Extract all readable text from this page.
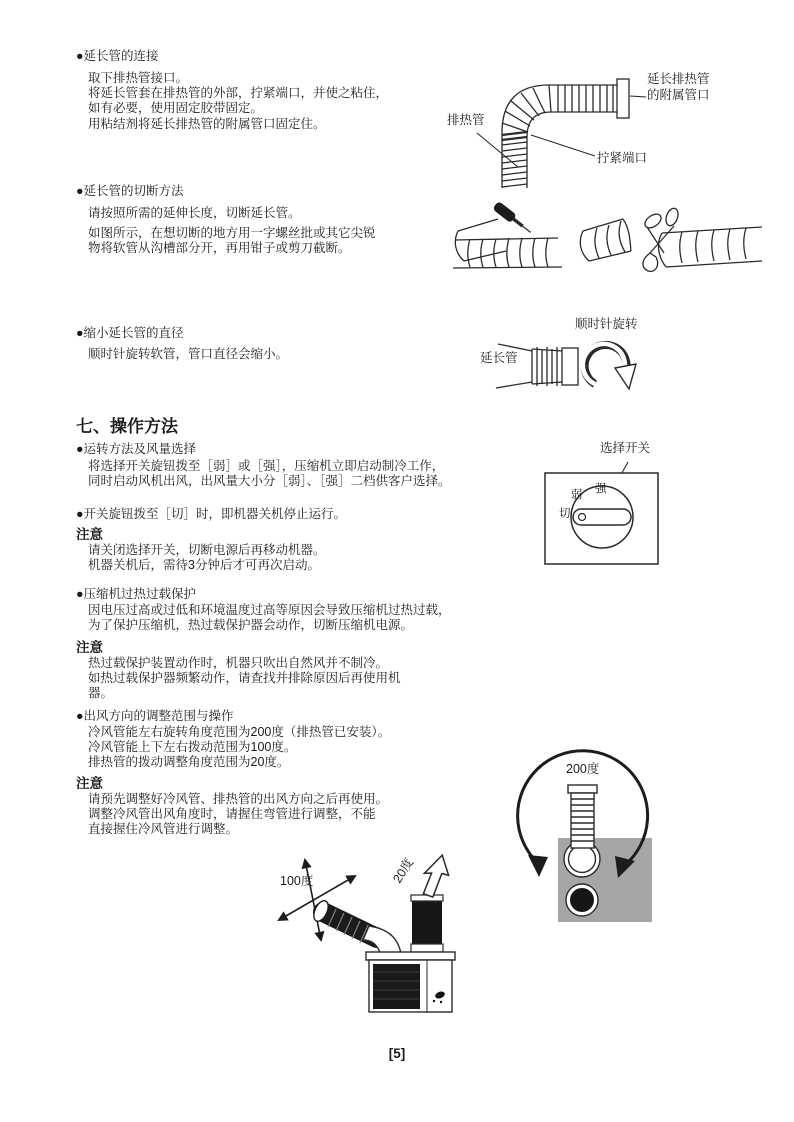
●延长管的连接
取下排热管接口。
将延长管套在排热管的外部，拧紧端口，并使之粘住，
如有必要，使用固定胶带固定。
用粘结剂将延长排热管的附属管口固定住。	排热管
拧紧端口
延长排热管
的附属管口
●延长管的切断方法
请按照所需的延伸长度，切断延长管。
如图所示，在想切断的地方用一字螺丝批或其它尖锐
物将软管从沟槽部分开，再用钳子或剪刀截断。
●缩小延长管的直径
顺时针旋转软管，管口直径会缩小。	延长管
顺时针旋转
七、操作方法
●运转方法及风量选择
将选择开关旋钮拨至［弱］或［强］，压缩机立即启动制冷工作，
同时启动风机出风，出风量大小分［弱］、［强］二档供客户选择。
●开关旋钮拨至［切］时，即机器关机停止运行。
注意
请关闭选择开关，切断电源后再移动机器。
机器关机后，需待3分钟后才可再次启动。
●压缩机过热过载保护
因电压过高或过低和环境温度过高等原因会导致压缩机过热过载，
为了保护压缩机，热过载保护器会动作，切断压缩机电源。
注意
热过载保护装置动作时，机器只吹出自然风并不制冷。
如热过载保护器频繁动作，请查找并排除原因后再使用机
器。
●出风方向的调整范围与操作
冷风管能左右旋转角度范围为200度（排热管已安装）。
冷风管能上下左右拨动范围为100度。
排热管的拨动调整角度范围为20度。
注意
请预先调整好冷风管、排热管的出风方向之后再使用。
调整冷风管出风角度时，请握住弯管进行调整，不能
直接握住冷风管进行调整。
选择开关
强
弱
切
200度
100度	20度
[5]
